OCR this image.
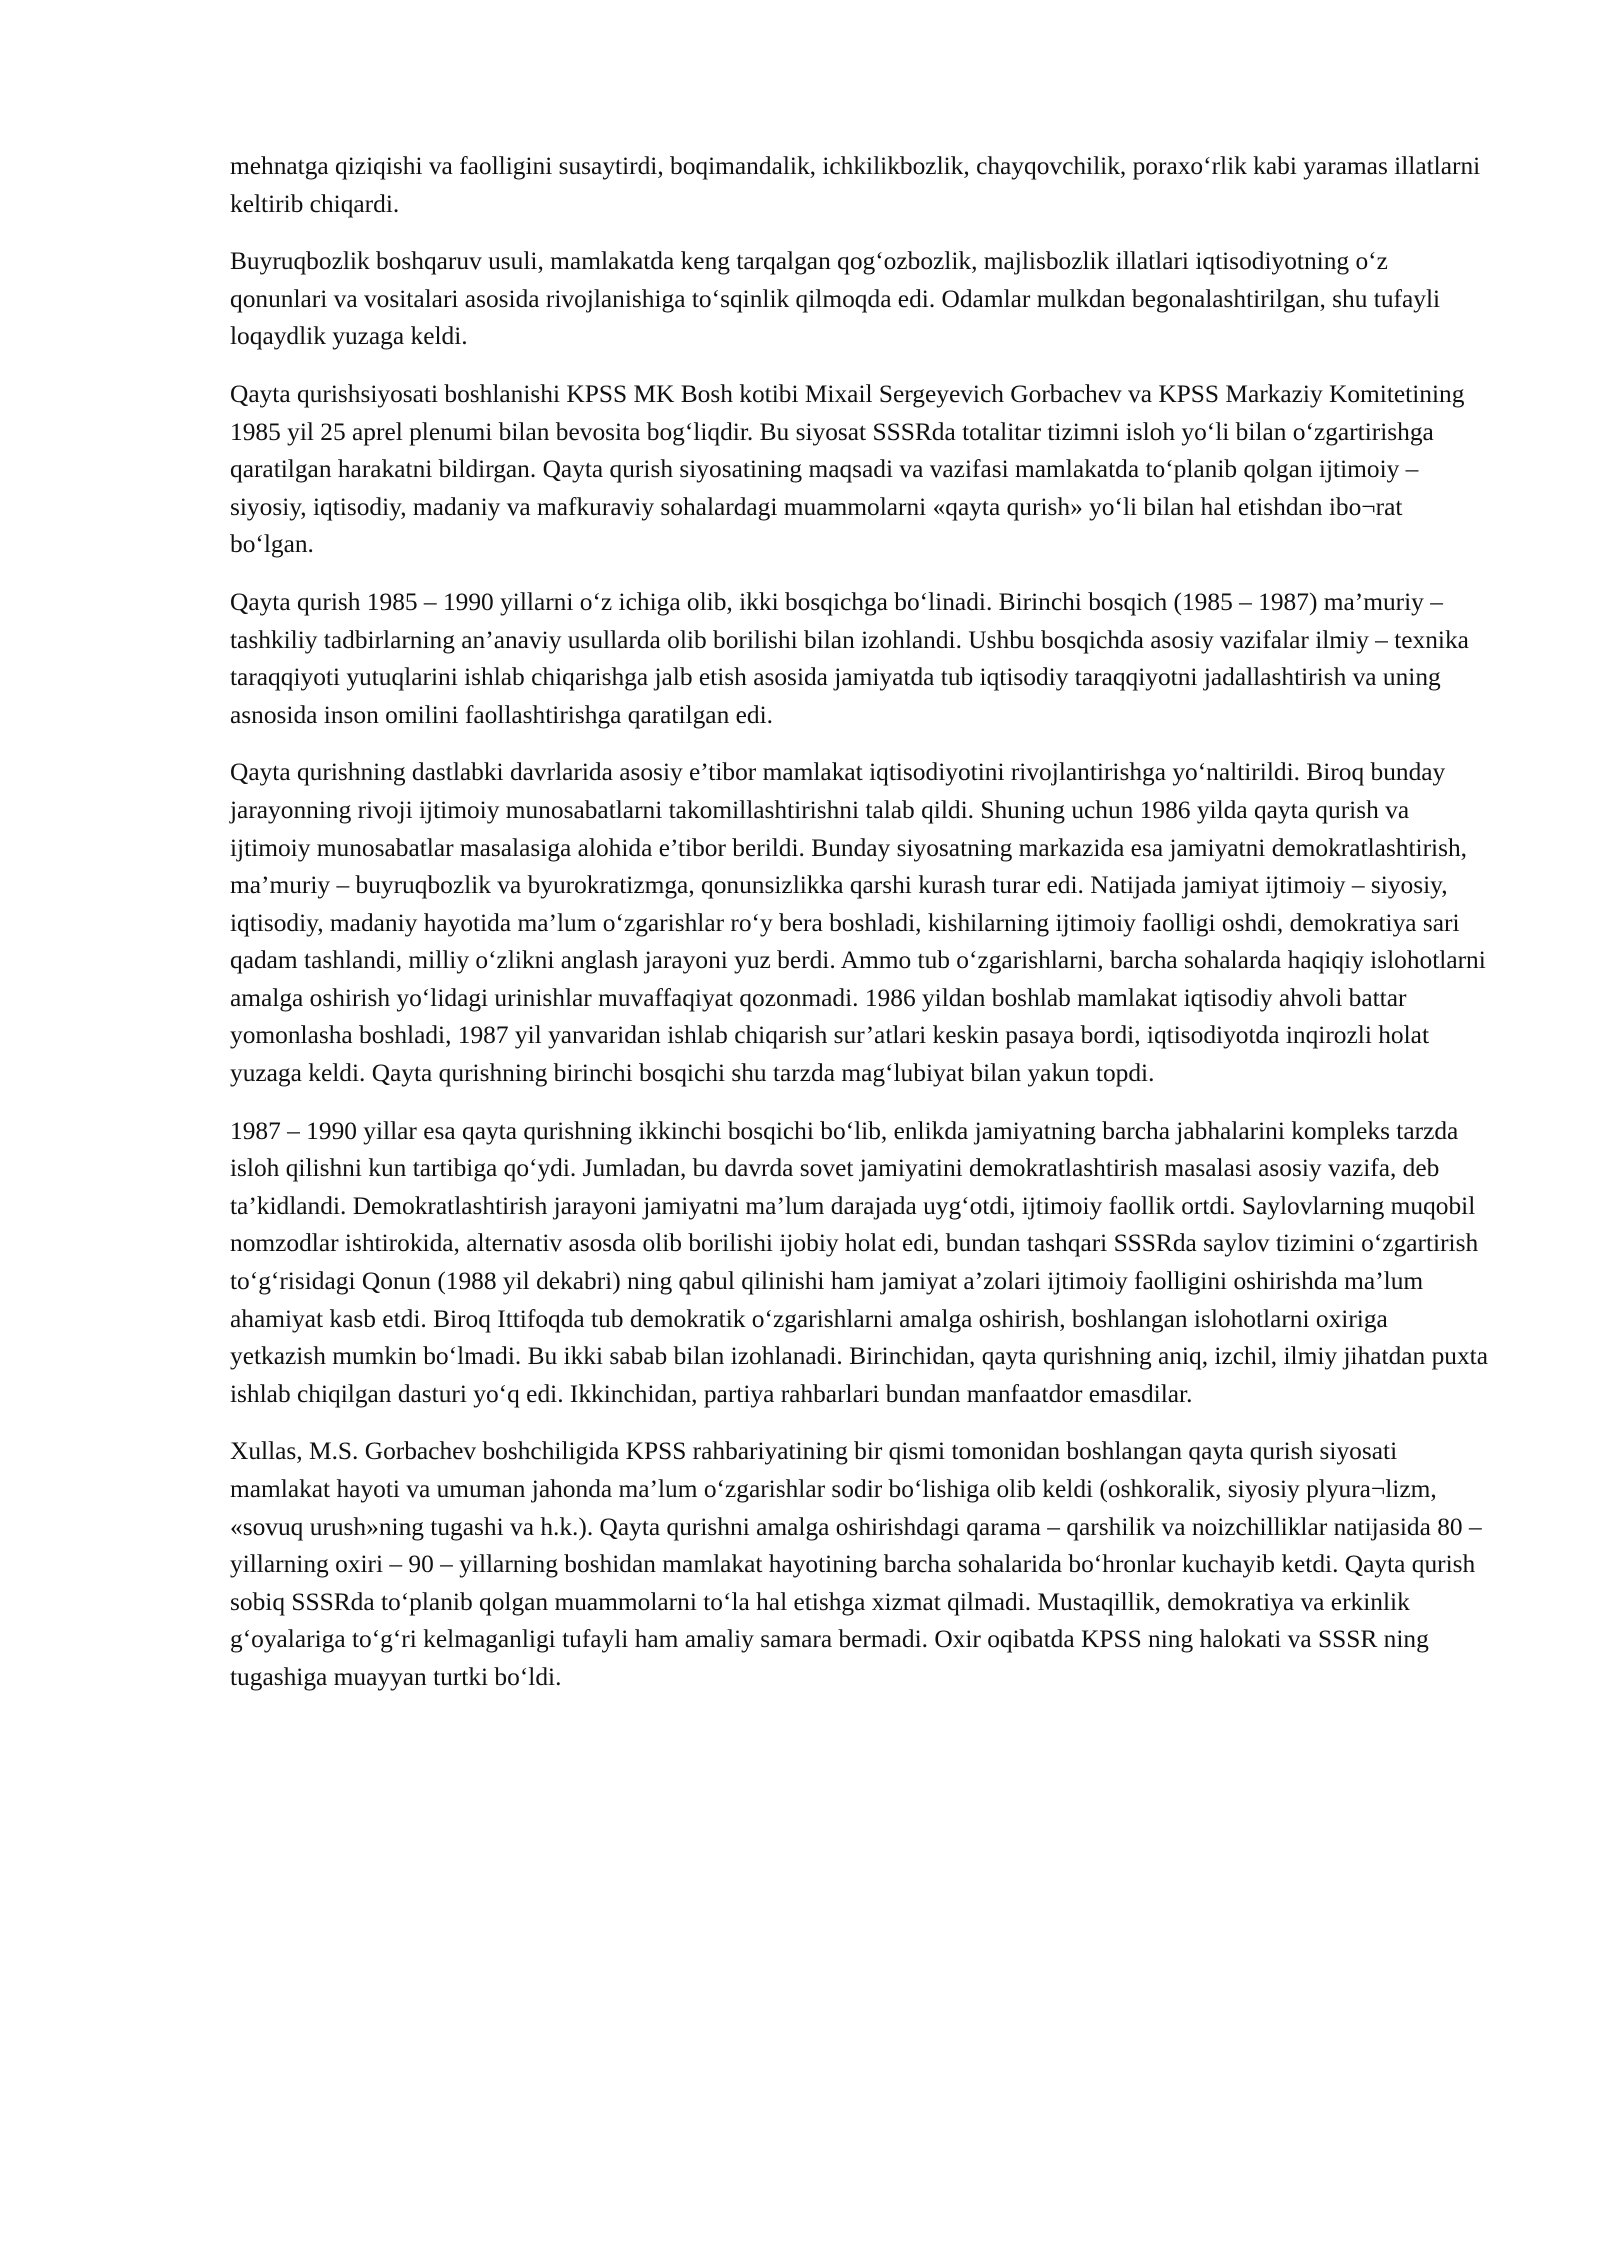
mehnatga qiziqishi va faolligini susaytirdi, boqimandalik, ichkilikbozlik, chayqovchilik, poraxo‘rlik kabi yaramas illatlarni keltirib chiqardi.

Buyruqbozlik boshqaruv usuli, mamlakatda keng tarqalgan qog‘ozbozlik, majlisbozlik illatlari iqtisodiyotning o‘z qonunlari va vositalari asosida rivojlanishiga to‘sqinlik qilmoqda edi. Odamlar mulkdan begonalashtirilgan, shu tufayli loqaydlik yuzaga keldi.

Qayta qurishsiyosati boshlanishi KPSS MK Bosh kotibi Mixail Sergeyevich Gorbachev va KPSS Markaziy Komitetining 1985 yil 25 aprel plenumi bilan bevosita bog‘liqdir. Bu siyosat SSSRda totalitar tizimni isloh yo‘li bilan o‘zgartirishga qaratilgan harakatni bildirgan. Qayta qurish siyosatining maqsadi va vazifasi mamlakatda to‘planib qolgan ijtimoiy – siyosiy, iqtisodiy, madaniy va mafkuraviy sohalardagi muammolarni «qayta qurish» yo‘li bilan hal etishdan ibo¬rat bo‘lgan.

Qayta qurish 1985 – 1990 yillarni o‘z ichiga olib, ikki bosqichga bo‘linadi. Birinchi bosqich (1985 – 1987) ma’muriy – tashkiliy tadbirlarning an’anaviy usullarda olib borilishi bilan izohlandi. Ushbu bosqichda asosiy vazifalar ilmiy – texnika taraqqiyoti yutuqlarini ishlab chiqarishga jalb etish asosida jamiyatda tub iqtisodiy taraqqiyotni jadallashtirish va uning asnosida inson omilini faollashtirishga qaratilgan edi.

Qayta qurishning dastlabki davrlarida asosiy e’tibor mamlakat iqtisodiyotini rivojlantirishga yo‘naltirildi. Biroq bunday jarayonning rivoji ijtimoiy munosabatlarni takomillashtirishni talab qildi. Shuning uchun 1986 yilda qayta qurish va ijtimoiy munosabatlar masalasiga alohida e’tibor berildi. Bunday siyosatning markazida esa jamiyatni demokratlashtirish, ma’muriy – buyruqbozlik va byurokratizmga, qonunsizlikka qarshi kurash turar edi. Natijada jamiyat ijtimoiy – siyosiy, iqtisodiy, madaniy hayotida ma’lum o‘zgarishlar ro‘y bera boshladi, kishilarning ijtimoiy faolligi oshdi, demokratiya sari qadam tashlandi, milliy o‘zlikni anglash jarayoni yuz berdi. Ammo tub o‘zgarishlarni, barcha sohalarda haqiqiy islohotlarni amalga oshirish yo‘lidagi urinishlar muvaffaqiyat qozonmadi. 1986 yildan boshlab mamlakat iqtisodiy ahvoli battar yomonlasha boshladi, 1987 yil yanvaridan ishlab chiqarish sur’atlari keskin pasaya bordi, iqtisodiyotda inqirozli holat yuzaga keldi. Qayta qurishning birinchi bosqichi shu tarzda mag‘lubiyat bilan yakun topdi.

1987 – 1990 yillar esa qayta qurishning ikkinchi bosqichi bo‘lib, enlikda jamiyatning barcha jabhalarini kompleks tarzda isloh qilishni kun tartibiga qo‘ydi. Jumladan, bu davrda sovet jamiyatini demokratlashtirish masalasi asosiy vazifa, deb ta’kidlandi. Demokratlashtirish jarayoni jamiyatni ma’lum darajada uyg‘otdi, ijtimoiy faollik ortdi. Saylovlarning muqobil nomzodlar ishtirokida, alternativ asosda olib borilishi ijobiy holat edi, bundan tashqari SSSRda saylov tizimini o‘zgartirish to‘g‘risidagi Qonun (1988 yil dekabri) ning qabul qilinishi ham jamiyat a’zolari ijtimoiy faolligini oshirishda ma’lum ahamiyat kasb etdi. Biroq Ittifoqda tub demokratik o‘zgarishlarni amalga oshirish, boshlangan islohotlarni oxiriga yetkazish mumkin bo‘lmadi. Bu ikki sabab bilan izohlanadi. Birinchidan, qayta qurishning aniq, izchil, ilmiy jihatdan puxta ishlab chiqilgan dasturi yo‘q edi. Ikkinchidan, partiya rahbarlari bundan manfaatdor emasdilar.

Xullas, M.S. Gorbachev boshchiligida KPSS rahbariyatining bir qismi tomonidan boshlangan qayta qurish siyosati mamlakat hayoti va umuman jahonda ma’lum o‘zgarishlar sodir bo‘lishiga olib keldi (oshkoralik, siyosiy plyura¬lizm, «sovuq urush»ning tugashi va h.k.). Qayta qurishni amalga oshirishdagi qarama – qarshilik va noizchilliklar natijasida 80 – yillarning oxiri – 90 – yillarning boshidan mamlakat hayotining barcha sohalarida bo‘hronlar kuchayib ketdi. Qayta qurish sobiq SSSRda to‘planib qolgan muammolarni to‘la hal etishga xizmat qilmadi. Mustaqillik, demokratiya va erkinlik g‘oyalariga to‘g‘ri kelmaganligi tufayli ham amaliy samara bermadi. Oxir oqibatda KPSS ning halokati va SSSR ning tugashiga muayyan turtki bo‘ldi.
